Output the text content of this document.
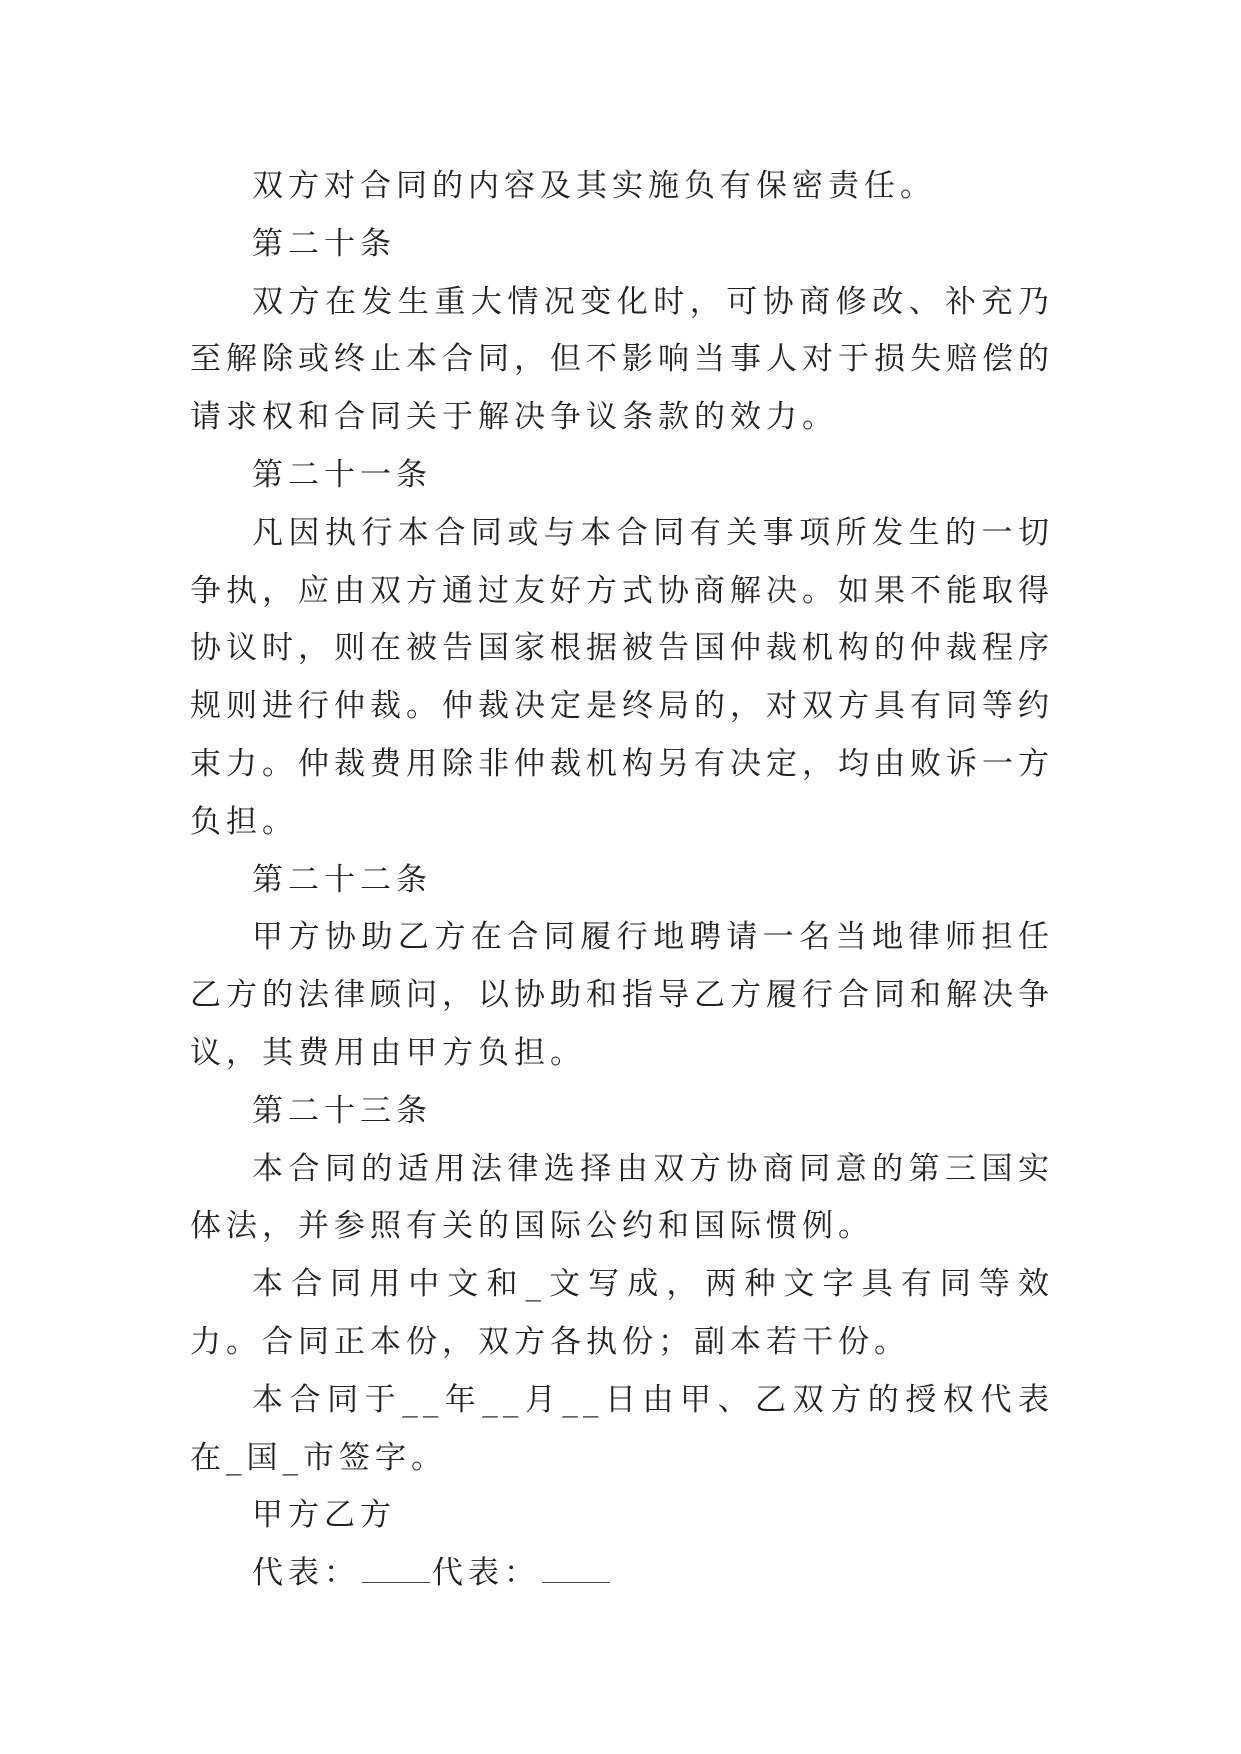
双方对合同的内容及其实施负有保密责任。

第二十条

双方在发生重大情况变化时，可协商修改、补充乃至解除或终止本合同，但不影响当事人对于损失赔偿的请求权和合同关于解决争议条款的效力。

第二十一条

凡因执行本合同或与本合同有关事项所发生的一切争执，应由双方通过友好方式协商解决。如果不能取得协议时，则在被告国家根据被告国仲裁机构的仲裁程序规则进行仲裁。仲裁决定是终局的，对双方具有同等约束力。仲裁费用除非仲裁机构另有决定，均由败诉一方负担。

第二十二条

甲方协助乙方在合同履行地聘请一名当地律师担任乙方的法律顾问，以协助和指导乙方履行合同和解决争议，其费用由甲方负担。

第二十三条

本合同的适用法律选择由双方协商同意的第三国实体法，并参照有关的国际公约和国际惯例。

本合同用中文和_文写成，两种文字具有同等效力。合同正本份，双方各执份；副本若干份。

本合同于__年__月__日由甲、乙双方的授权代表在_国_市签字。

甲方乙方

代表： 代表：
